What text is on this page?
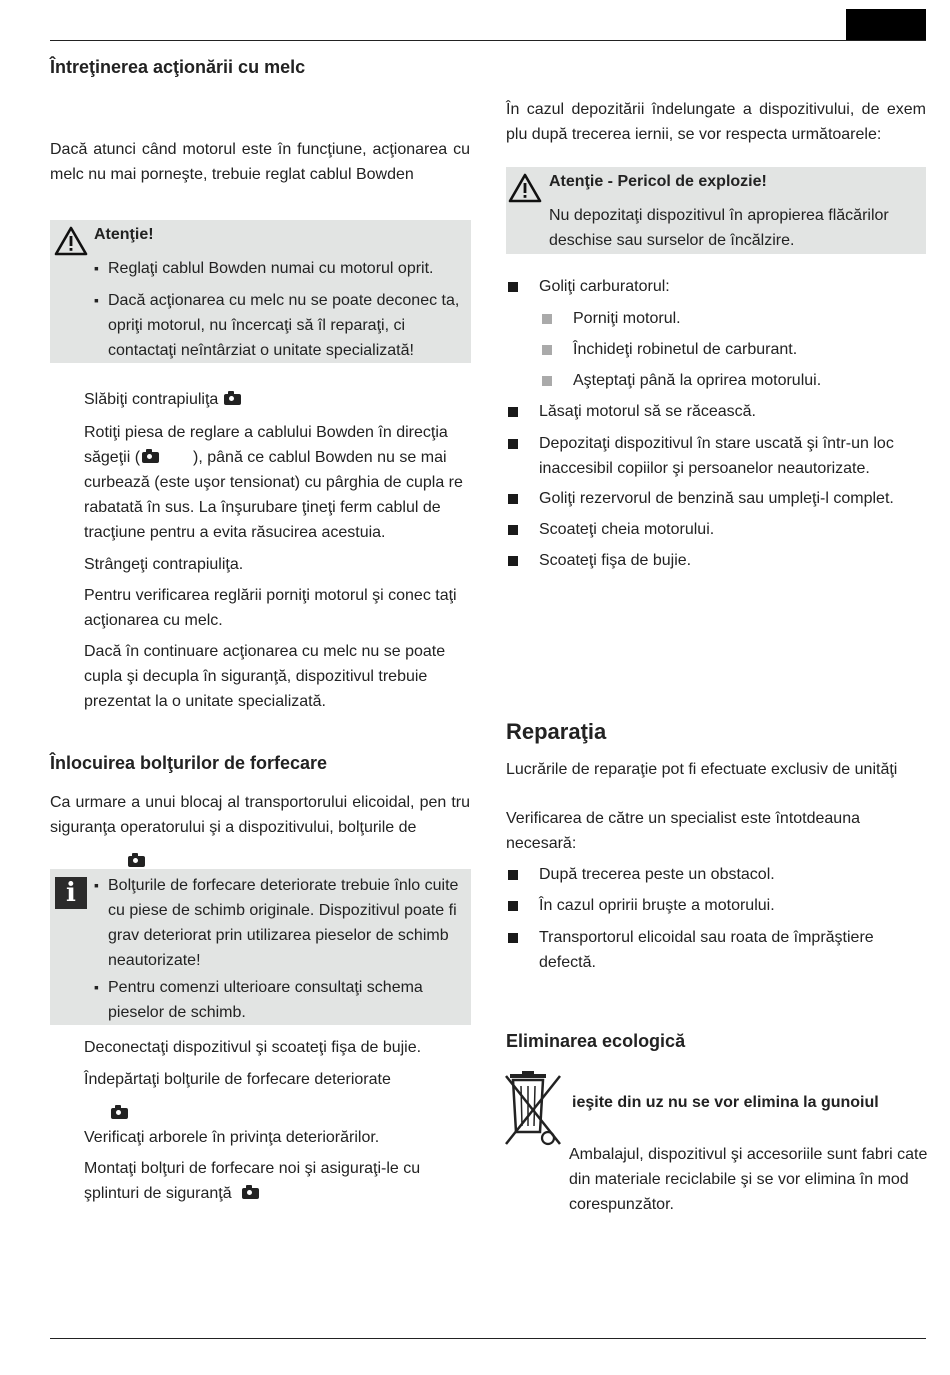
Întreţinerea acţionării cu melc

Dacă atunci când motorul este în funcţiune, acţionarea cu melc nu mai porneşte, trebuie reglat cablul Bowden

Atenţie!
▪ Reglaţi cablul Bowden numai cu motorul oprit.
▪ Dacă acţionarea cu melc nu se poate deconec ta, opriţi motorul, nu încercaţi să îl reparaţi, ci contactaţi neîntârziat o unitate specializată!
Slăbiţi contrapiuliţa
Rotiţi piesa de reglare a cablului Bowden în direcţia săgeţii (	), până ce cablul Bowden nu se mai curbează (este uşor tensionat) cu pârghia de cupla re rabatată în sus. La înşurubare ţineţi ferm cablul de tracţiune pentru a evita răsucirea acestuia.
Strângeţi contrapiuliţa.
Pentru verificarea reglării porniţi motorul şi conec taţi acţionarea cu melc.
Dacă în continuare acţionarea cu melc nu se poate cupla şi decupla în siguranţă, dispozitivul trebuie prezentat la o unitate specializată.
Înlocuirea bolţurilor de forfecare

Ca urmare a unui blocaj al transportorului elicoidal, pen tru siguranţa operatorului şi a dispozitivului, bolţurile de

i
▪	Bolţurile de forfecare deteriorate trebuie înlo cuite cu piese de schimb originale. Dispozitivul poate fi grav deteriorat prin utilizarea pieselor de schimb neautorizate!
▪ Pentru comenzi ulterioare consultaţi schema pieselor de schimb.
Deconectaţi dispozitivul şi scoateţi fişa de bujie.
Îndepărtaţi bolţurile de forfecare deteriorate
Verificaţi arborele în privinţa deteriorărilor.
Montaţi bolţuri de forfecare noi şi asiguraţi-le cu şplinturi de siguranţă

În cazul depozitării îndelungate a dispozitivului, de exem plu după trecerea iernii, se vor respecta următoarele:

Atenţie - Pericol de explozie!
Nu depozitaţi dispozitivul în apropierea flăcărilor deschise sau surselor de încălzire.
Goliţi carburatorul:
Porniţi motorul.
Închideţi robinetul de carburant.
Aşteptaţi până la oprirea motorului.
Lăsaţi motorul să se răcească.
Depozitaţi dispozitivul în stare uscată şi într-un loc inaccesibil copiilor şi persoanelor neautorizate.
Goliţi rezervorul de benzină sau umpleţi-l complet.
Scoateţi cheia motorului.
Scoateţi fişa de bujie.
Reparaţia

Lucrările de reparaţie pot fi efectuate exclusiv de unităţi

Verificarea de către un specialist este întotdeauna necesară:

După trecerea peste un obstacol.
În cazul opririi bruşte a motorului.
Transportorul elicoidal sau roata de împrăştiere defectă.
Eliminarea ecologică
ieşite din uz nu se vor elimina la gunoiul

Ambalajul, dispozitivul şi accesoriile sunt fabri cate din materiale reciclabile şi se vor elimina în mod corespunzător.
